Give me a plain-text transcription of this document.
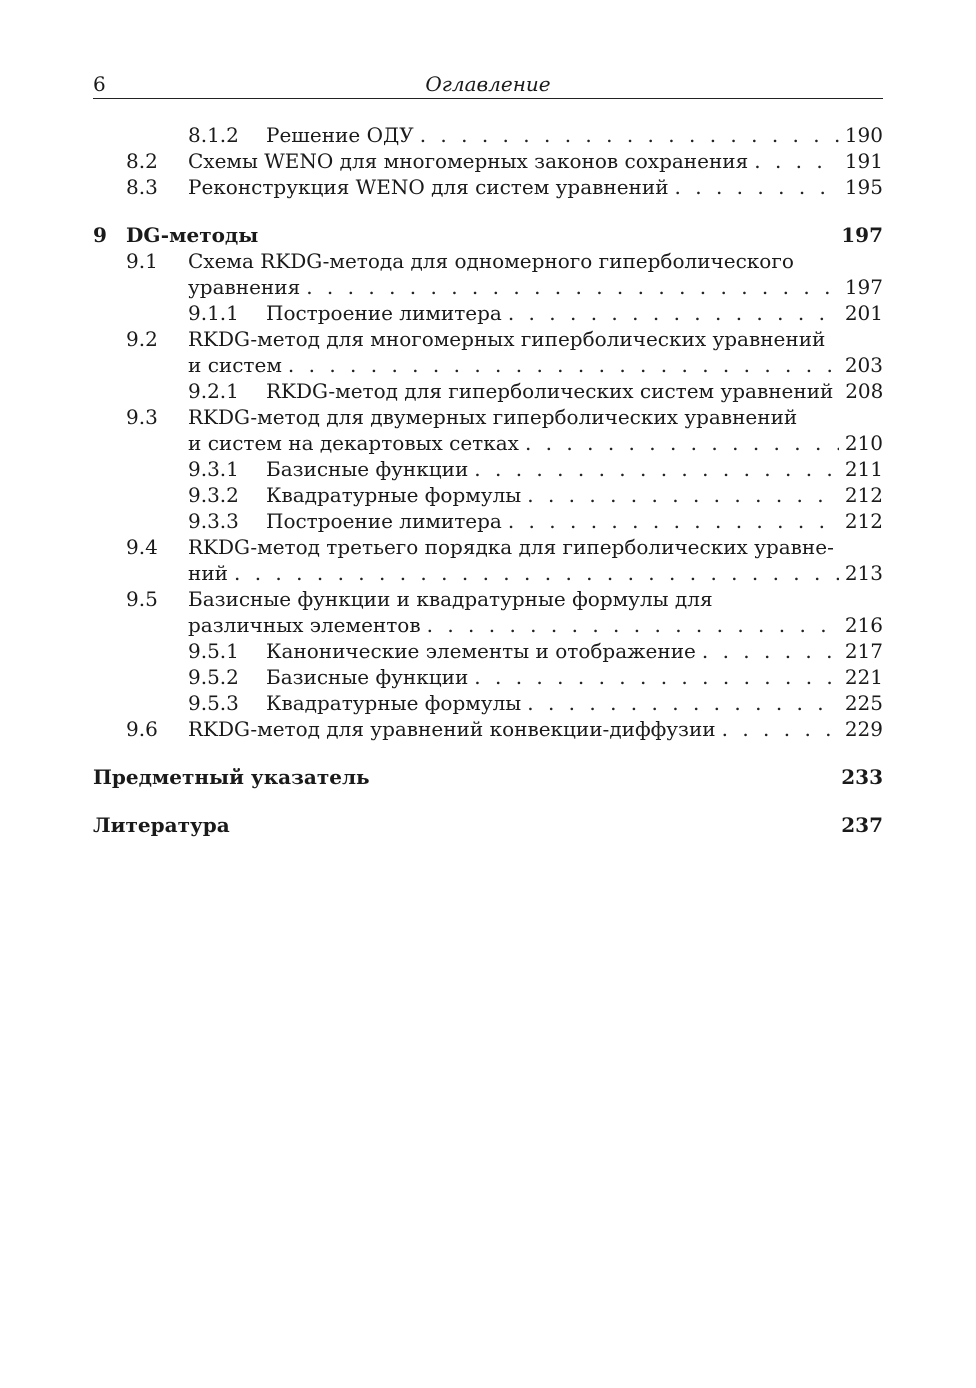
6	Оглавление
8.1.2 Решение ОДУ . . .	190
8.2 Схемы WENO для многомерных законов сохранения . . .	191
8.3 Реконструкция WENO для систем уравнений . . .	195
9 DG-методы	197
9.1 Схема RKDG-метода для одномерного гиперболического
уравнения . . .	197
9.1.1 Построение лимитера . . .	201
9.2 RKDG-метод для многомерных гиперболических уравнений
и систем . . .	203
9.2.1 RKDG-метод для гиперболических систем уравнений 208
9.3 RKDG-метод для двумерных гиперболических уравнений
и систем на декартовых сетках . . .	210
9.3.1 Базисные функции . . .	211
9.3.2 Квадратурные формулы . . .	212
9.3.3 Построение лимитера . . .	212
9.4 RKDG-метод третьего порядка для гиперболических уравне-
ний . . .	213
9.5 Базисные функции и квадратурные формулы для
различных элементов . . .	216
9.5.1 Канонические элементы и отображение . . .	217
9.5.2 Базисные функции . . .	221
9.5.3 Квадратурные формулы . . .	225
9.6 RKDG-метод для уравнений конвекции-диффузии . . .	229
Предметный указатель	233
Литература	237
